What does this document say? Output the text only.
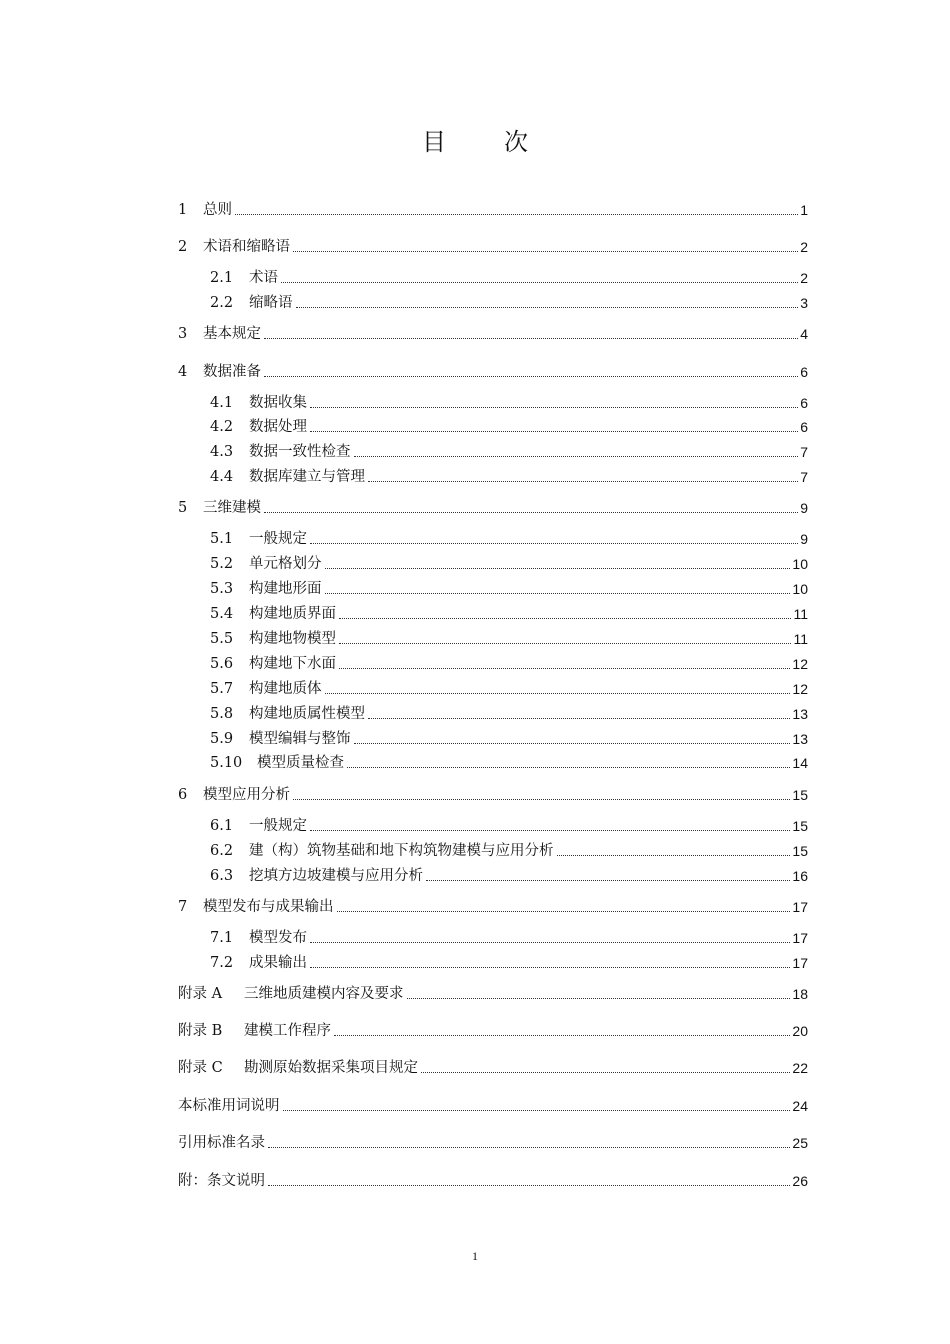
目 次
1	总则	1
2	术语和缩略语	2
2.1	术语	2
2.2	缩略语	3
3	基本规定	4
4	数据准备	6
4.1	数据收集	6
4.2	数据处理	6
4.3	数据一致性检查	7
4.4	数据库建立与管理	7
5	三维建模	9
5.1	一般规定	9
5.2	单元格划分	10
5.3	构建地形面	10
5.4	构建地质界面	11
5.5	构建地物模型	11
5.6	构建地下水面	12
5.7	构建地质体	12
5.8	构建地质属性模型	13
5.9	模型编辑与整饰	13
5.10	模型质量检查	14
6	模型应用分析	15
6.1	一般规定	15
6.2	建（构）筑物基础和地下构筑物建模与应用分析	15
6.3	挖填方边坡建模与应用分析	16
7	模型发布与成果输出	17
7.1	模型发布	17
7.2	成果输出	17
附录 A	三维地质建模内容及要求	18
附录 B	建模工作程序	20
附录 C	勘测原始数据采集项目规定	22
本标准用词说明	24
引用标准名录	25
附：条文说明	26
1
